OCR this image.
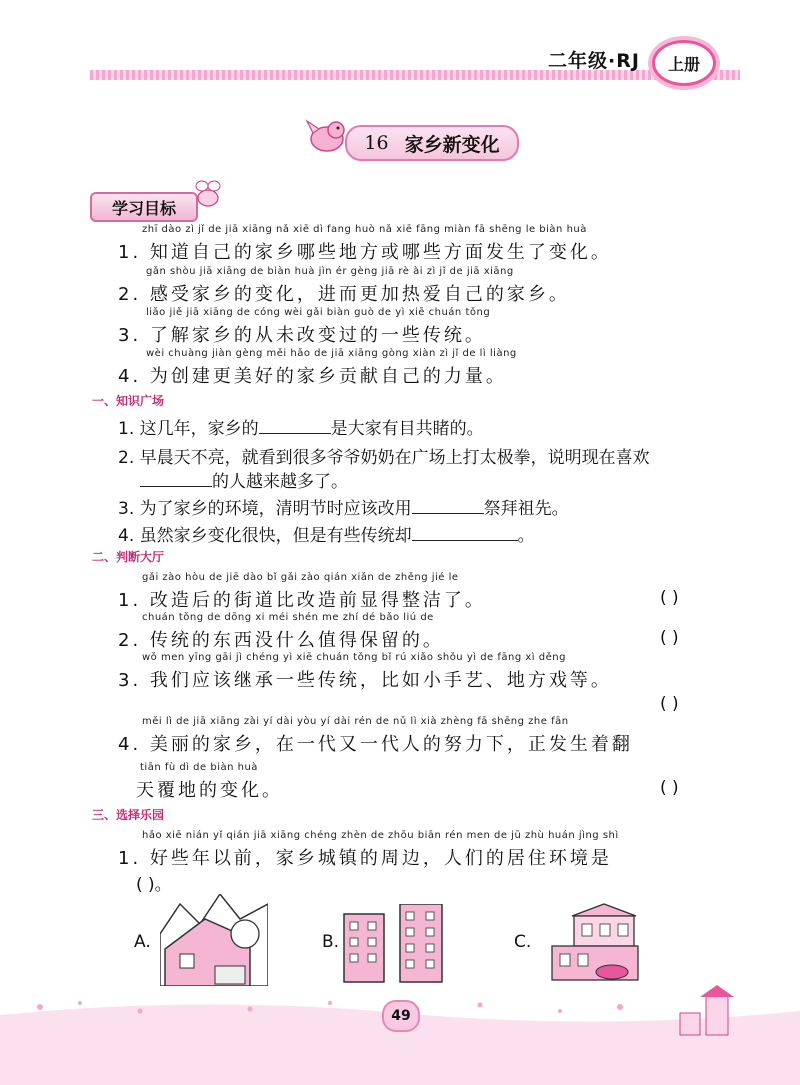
二年级·RJ 上册
16 家乡新变化
学习目标
zhī dào zì jǐ de jiā xiāng nǎ xiē dì fang huò nǎ xiē fāng miàn fā shēng le biàn huà
1. 知道自己的家乡哪些地方或哪些方面发生了变化。
gǎn shòu jiā xiāng de biàn huà jìn ér gèng jiā rè ài zì jǐ de jiā xiāng
2. 感受家乡的变化，进而更加热爱自己的家乡。
liǎo jiě jiā xiāng de cóng wèi gǎi biàn guò de yì xiē chuán tǒng
3. 了解家乡的从未改变过的一些传统。
wèi chuàng jiàn gèng měi hǎo de jiā xiāng gòng xiàn zì jǐ de lì liàng
4. 为创建更美好的家乡贡献自己的力量。
一、知识广场
1. 这几年，家乡的	是大家有目共睹的。
2. 早晨天不亮，就看到很多爷爷奶奶在广场上打太极拳，说明现在喜欢
的人越来越多了。
3. 为了家乡的环境，清明节时应该改用	祭拜祖先。
4. 虽然家乡变化很快，但是有些传统却	。
二、判断大厅
gǎi zào hòu de jiē dào bǐ gǎi zào qián xiǎn de zhěng jié le
1. 改造后的街道比改造前显得整洁了。	( )
chuán tǒng de dōng xi méi shén me zhí dé bǎo liú de
2. 传统的东西没什么值得保留的。	( )
wǒ men yīng gāi jì chéng yì xiē chuán tǒng bǐ rú xiǎo shǒu yì de fāng xì děng
3. 我们应该继承一些传统，比如小手艺、地方戏等。
( )
měi lì de jiā xiāng zài yí dài yòu yí dài rén de nǔ lì xià zhèng fā shēng zhe fān
4. 美丽的家乡，在一代又一代人的努力下，正发生着翻
tiān fù dì de biàn huà
天覆地的变化。	( )
三、选择乐园
hǎo xiē nián yǐ qián jiā xiāng chéng zhèn de zhōu biān rén men de jū zhù huán jìng shì
1. 好些年以前，家乡城镇的周边，人们的居住环境是
( )。
A.	B.	C.
49
